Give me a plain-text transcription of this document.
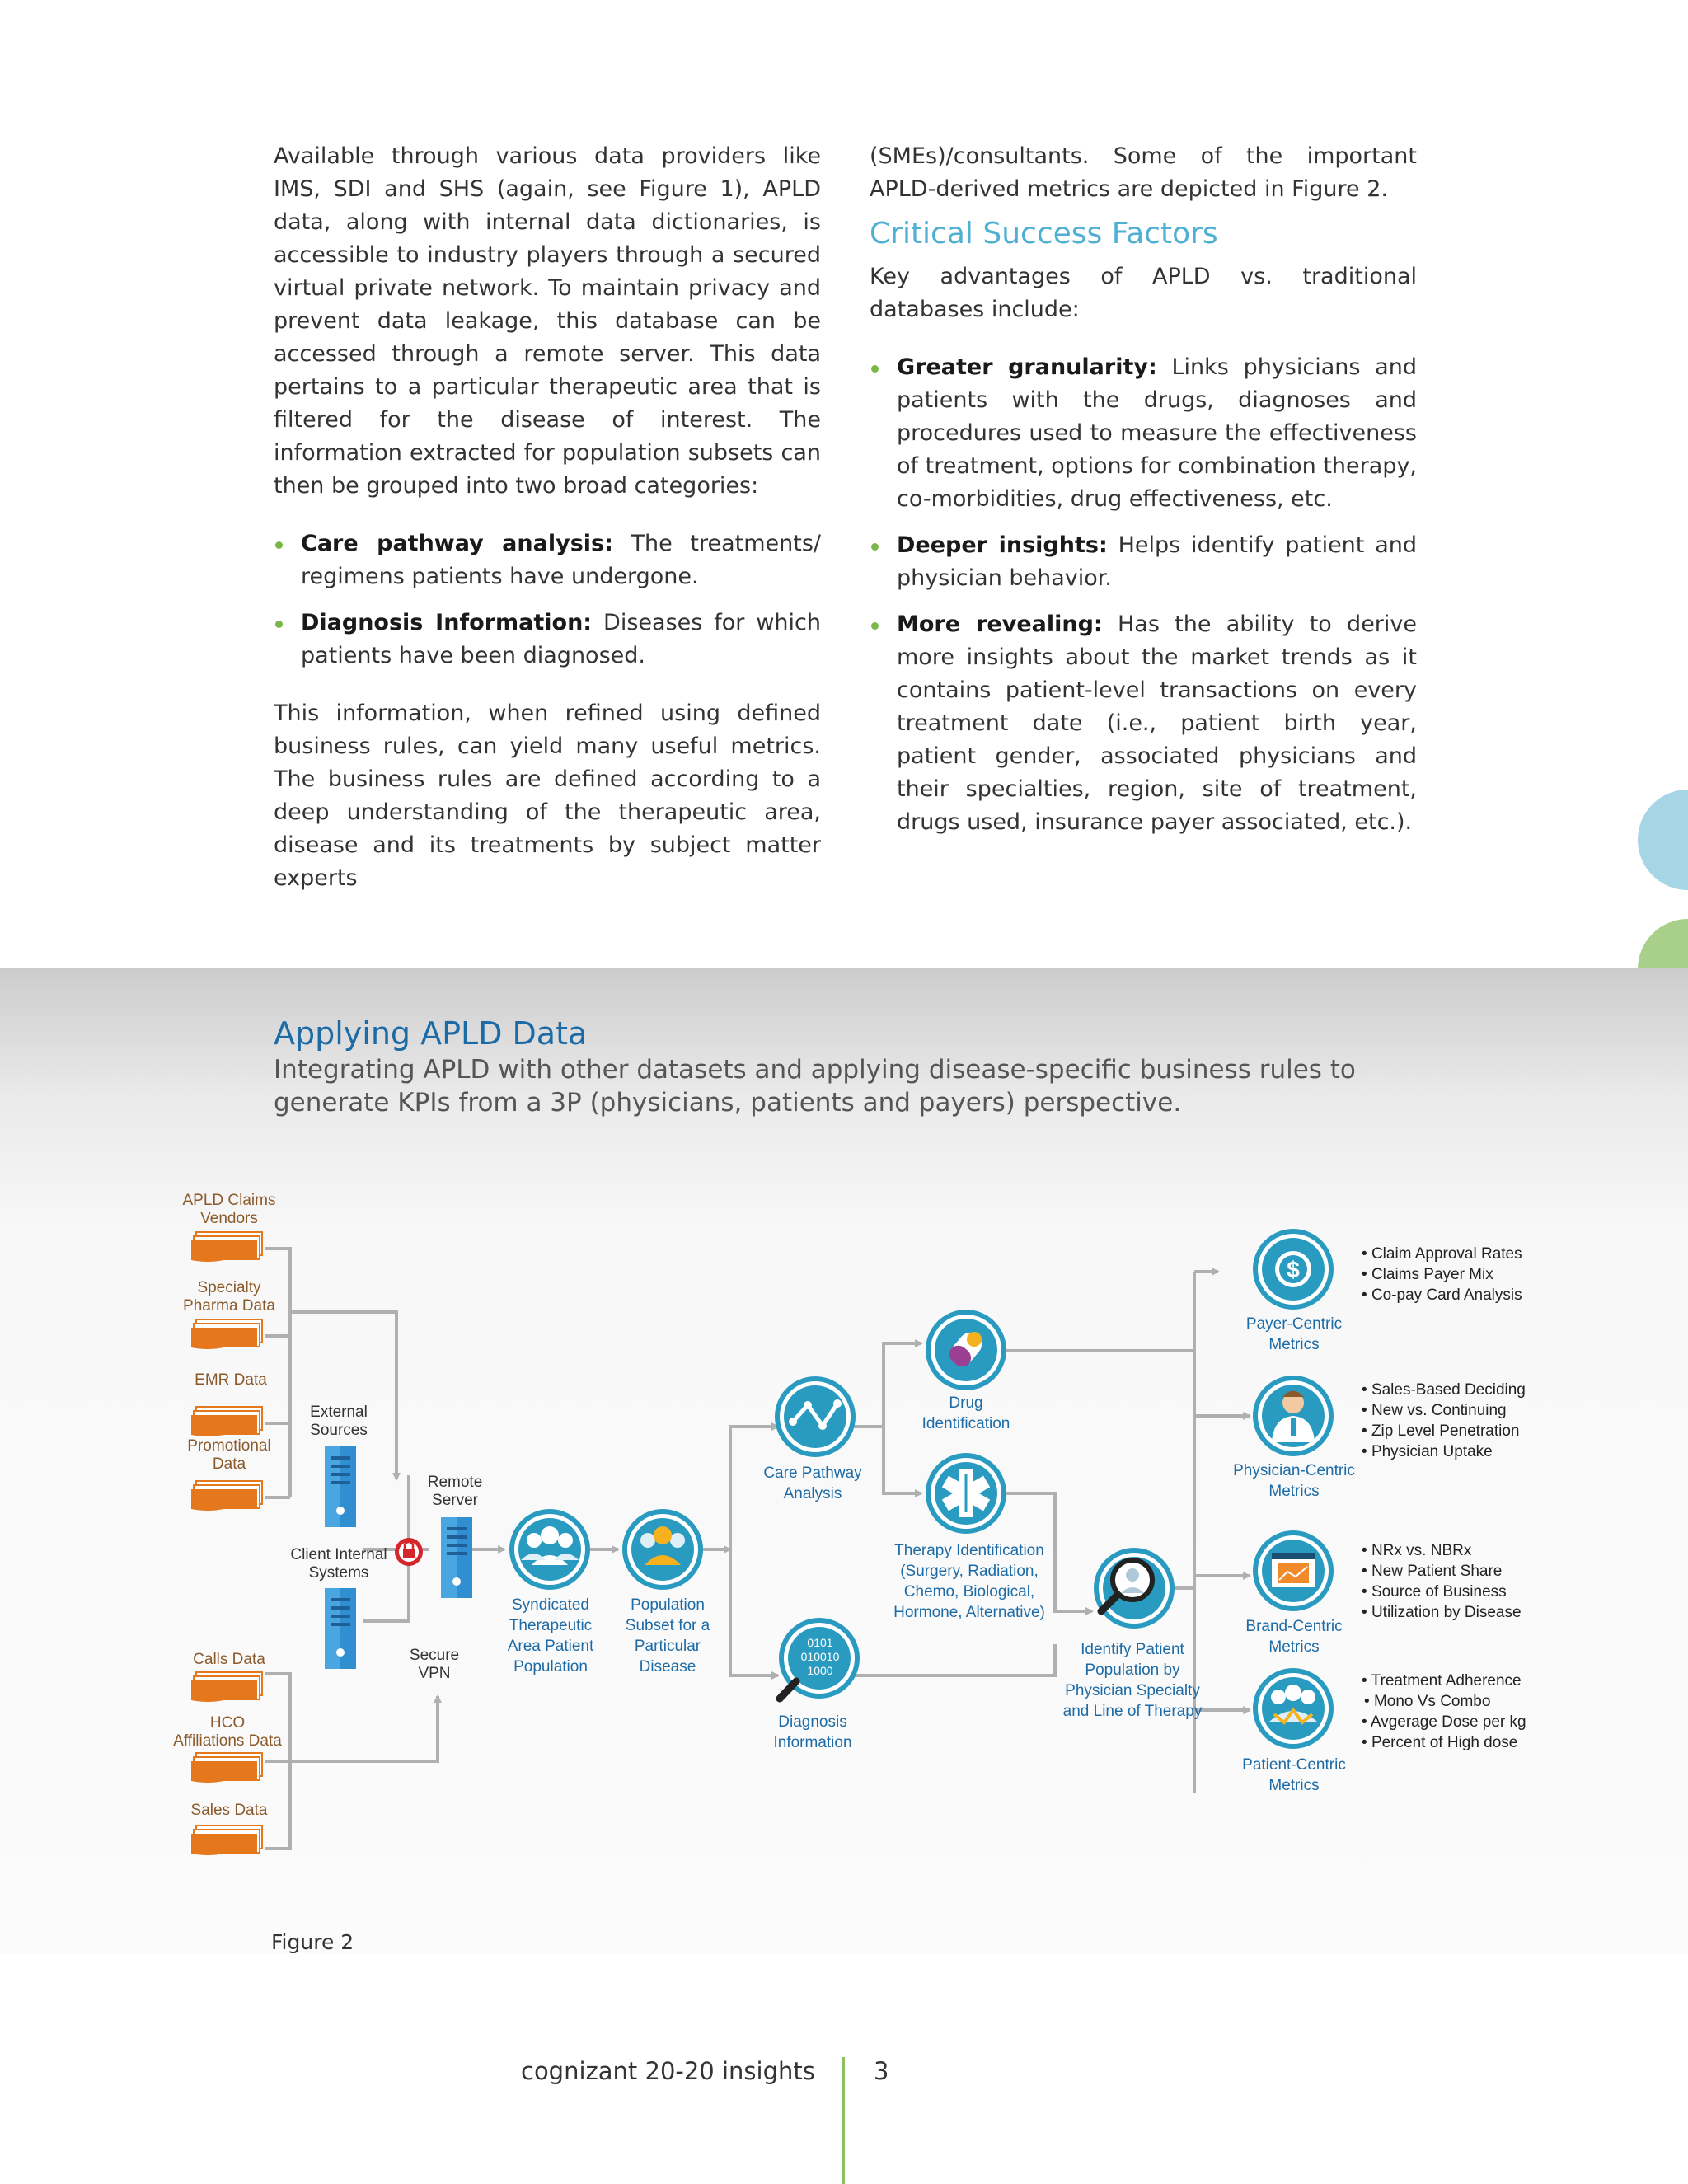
Available through various data providers like IMS, SDI and SHS (again, see Figure 1), APLD data, along with internal data dictionaries, is accessible to industry players through a secured virtual private network. To maintain privacy and prevent data leakage, this database can be accessed through a remote server. This data pertains to a particular therapeutic area that is filtered for the disease of interest. The information extracted for population subsets can then be grouped into two broad categories:

Care pathway analysis: The treatments/ regimens patients have undergone.
Diagnosis Information: Diseases for which patients have been diagnosed.

This information, when refined using defined business rules, can yield many useful metrics. The business rules are defined according to a deep understanding of the therapeutic area, disease and its treatments by subject matter experts

(SMEs)/consultants. Some of the important APLD-derived metrics are depicted in Figure 2.

Critical Success Factors

Key advantages of APLD vs. traditional databases include:

Greater granularity: Links physicians and patients with the drugs, diagnoses and procedures used to measure the effectiveness of treatment, options for combination therapy, co-morbidities, drug effectiveness, etc.
Deeper insights: Helps identify patient and physician behavior.
More revealing: Has the ability to derive more insights about the market trends as it contains patient-level transactions on every treatment date (i.e., patient birth year, patient gender, associated physicians and their specialties, region, site of treatment, drugs used, insurance payer associated, etc.).
Applying APLD Data
Integrating APLD with other datasets and applying disease-specific business rules to generate KPIs from a 3P (physicians, patients and payers) perspective.
APLD Claims
Vendors
Specialty
Pharma Data
EMR Data
Promotional
Data
Calls Data
HCO
Affiliations Data
Sales Data
External
Sources
Client Internal
Systems
Remote
Server
Secure
VPN
Syndicated
Therapeutic
Area Patient
Population
Population
Subset for a
Particular
Disease
Care Pathway
Analysis
0101
010010
1000
Diagnosis
Information
Drug
Identification
Therapy Identification
(Surgery, Radiation,
Chemo, Biological,
Hormone, Alternative)
Identify Patient
Population by
Physician Specialty
and Line of Therapy
$
Payer-Centric
Metrics
• Claim Approval Rates
• Claims Payer Mix
• Co-pay Card Analysis
Physician-Centric
Metrics
• Sales-Based Deciding
• New vs. Continuing
• Zip Level Penetration
• Physician Uptake
Brand-Centric
Metrics
• NRx vs. NBRx
• New Patient Share
• Source of Business
• Utilization by Disease
Patient-Centric
Metrics
• Treatment Adherence
• Mono Vs Combo
• Avgerage Dose per kg
• Percent of High dose
Figure 2
cognizant 20-20 insights 3
